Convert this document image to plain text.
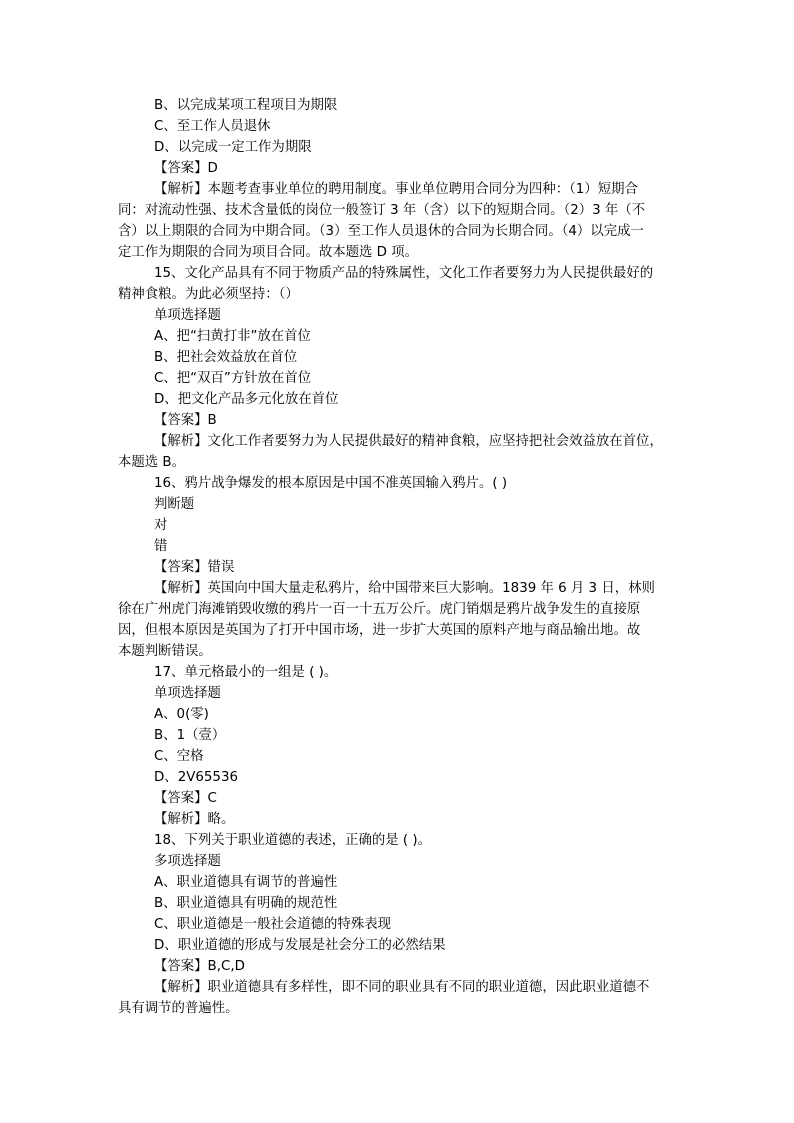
B、以完成某项工程项目为期限
C、至工作人员退休
D、以完成一定工作为期限
【答案】D
【解析】本题考查事业单位的聘用制度。事业单位聘用合同分为四种：（1）短期合
同：对流动性强、技术含量低的岗位一般签订 3 年（含）以下的短期合同。（2）3 年（不
含）以上期限的合同为中期合同。（3）至工作人员退休的合同为长期合同。（4）以完成一
定工作为期限的合同为项目合同。故本题选 D 项。
15、文化产品具有不同于物质产品的特殊属性，文化工作者要努力为人民提供最好的
精神食粮。为此必须坚持：（）
单项选择题
A、把“扫黄打非”放在首位
B、把社会效益放在首位
C、把“双百”方针放在首位
D、把文化产品多元化放在首位
【答案】B
【解析】文化工作者要努力为人民提供最好的精神食粮，应坚持把社会效益放在首位，
本题选 B。
16、鸦片战争爆发的根本原因是中国不准英国输入鸦片。( )
判断题
对
错
【答案】错误
【解析】英国向中国大量走私鸦片，给中国带来巨大影响。1839 年 6 月 3 日，林则
徐在广州虎门海滩销毁收缴的鸦片一百一十五万公斤。虎门销烟是鸦片战争发生的直接原
因，但根本原因是英国为了打开中国市场，进一步扩大英国的原料产地与商品输出地。故
本题判断错误。
17、单元格最小的一组是 ( )。
单项选择题
A、0(零)
B、1（壹）
C、空格
D、2V65536
【答案】C
【解析】略。
18、下列关于职业道德的表述，正确的是 ( )。
多项选择题
A、职业道德具有调节的普遍性
B、职业道德具有明确的规范性
C、职业道德是一般社会道德的特殊表现
D、职业道德的形成与发展是社会分工的必然结果
【答案】B,C,D
【解析】职业道德具有多样性，即不同的职业具有不同的职业道德，因此职业道德不
具有调节的普遍性。
